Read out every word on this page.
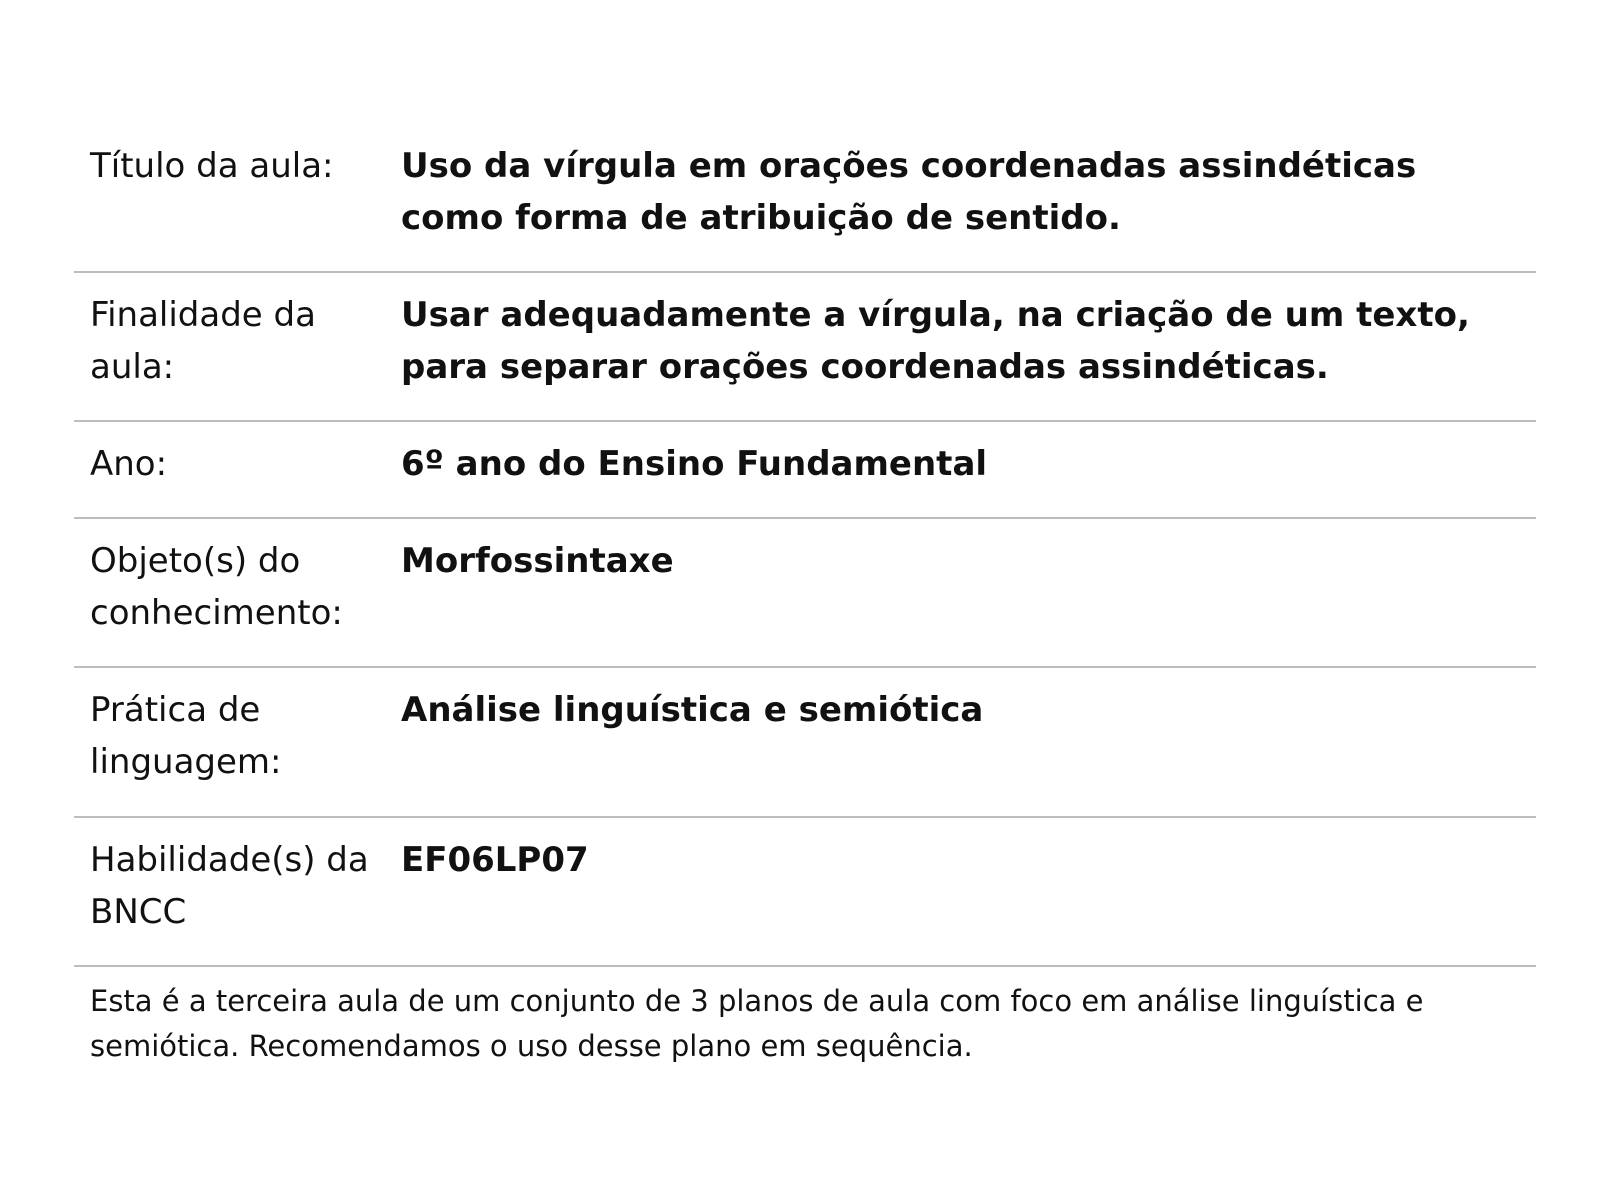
Título da aula:	Uso da vírgula em orações coordenadas assindéticas como forma de atribuição de sentido.
Finalidade da aula:
Usar adequadamente a vírgula, na criação de um texto, para separar orações coordenadas assindéticas.
Ano:	6º ano do Ensino Fundamental
Objeto(s) do conhecimento:
Morfossintaxe
Prática de linguagem:
Análise linguística e semiótica
Habilidade(s) da BNCC
EF06LP07
Esta é a terceira aula de um conjunto de 3 planos de aula com foco em análise linguística e semiótica. Recomendamos o uso desse plano em sequência.
